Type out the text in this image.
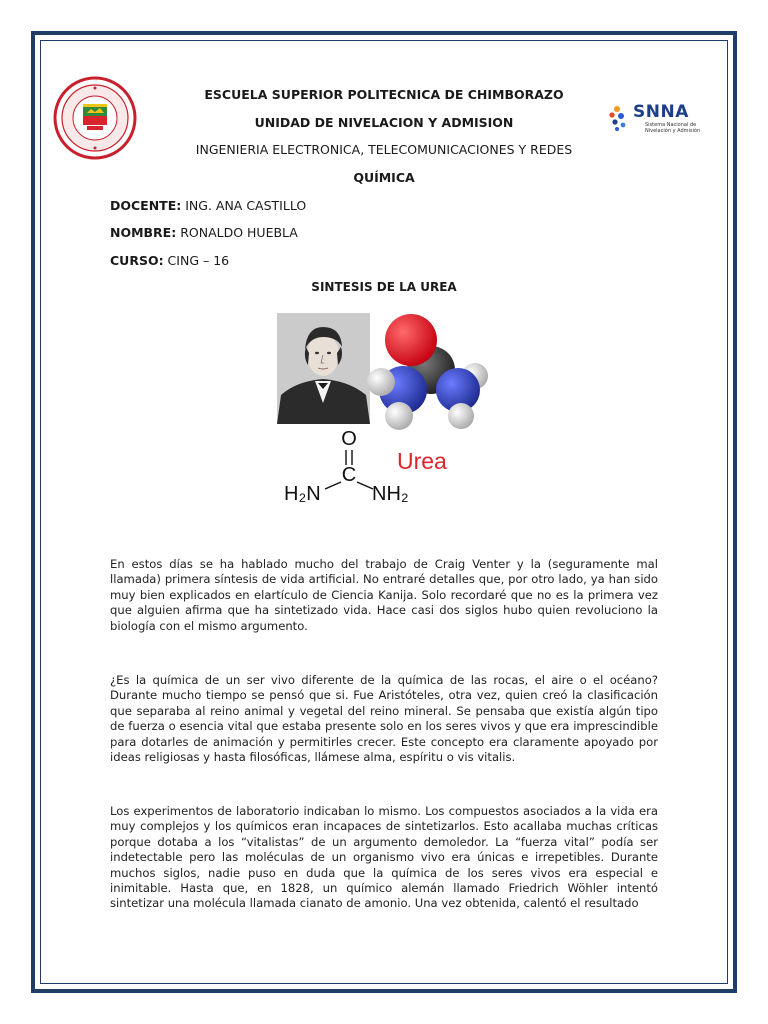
SNNA
Sistema Nacional de Nivelación y Admisión
ESCUELA SUPERIOR POLITECNICA DE CHIMBORAZO
UNIDAD DE NIVELACION Y ADMISION
INGENIERIA ELECTRONICA, TELECOMUNICACIONES Y REDES
QUÍMICA
DOCENTE: ING. ANA CASTILLO
NOMBRE: RONALDO HUEBLA
CURSO: CING – 16
SINTESIS DE LA UREA
O
C
H₂N	NH₂
Urea

En estos días se ha hablado mucho del trabajo de Craig Venter y la (seguramente mal llamada) primera síntesis de vida artificial. No entraré detalles que, por otro lado, ya han sido muy bien explicados en elartículo de Ciencia Kanija. Solo recordaré que no es la primera vez que alguien afirma que ha sintetizado vida. Hace casi dos siglos hubo quien revoluciono la biología con el mismo argumento.

¿Es la química de un ser vivo diferente de la química de las rocas, el aire o el océano? Durante mucho tiempo se pensó que si. Fue Aristóteles, otra vez, quien creó la clasificación que separaba al reino animal y vegetal del reino mineral. Se pensaba que existía algún tipo de fuerza o esencia vital que estaba presente solo en los seres vivos y que era imprescindible para dotarles de animación y permitirles crecer. Este concepto era claramente apoyado por ideas religiosas y hasta filosóficas, llámese alma, espíritu o vis vitalis.

Los experimentos de laboratorio indicaban lo mismo. Los compuestos asociados a la vida era muy complejos y los químicos eran incapaces de sintetizarlos. Esto acallaba muchas críticas porque dotaba a los “vitalistas” de un argumento demoledor. La “fuerza vital” podía ser indetectable pero las moléculas de un organismo vivo era únicas e irrepetibles. Durante muchos siglos, nadie puso en duda que la química de los seres vivos era especial e inimitable. Hasta que, en 1828, un químico alemán llamado Friedrich Wöhler intentó sintetizar una molécula llamada cianato de amonio. Una vez obtenida, calentó el resultado
